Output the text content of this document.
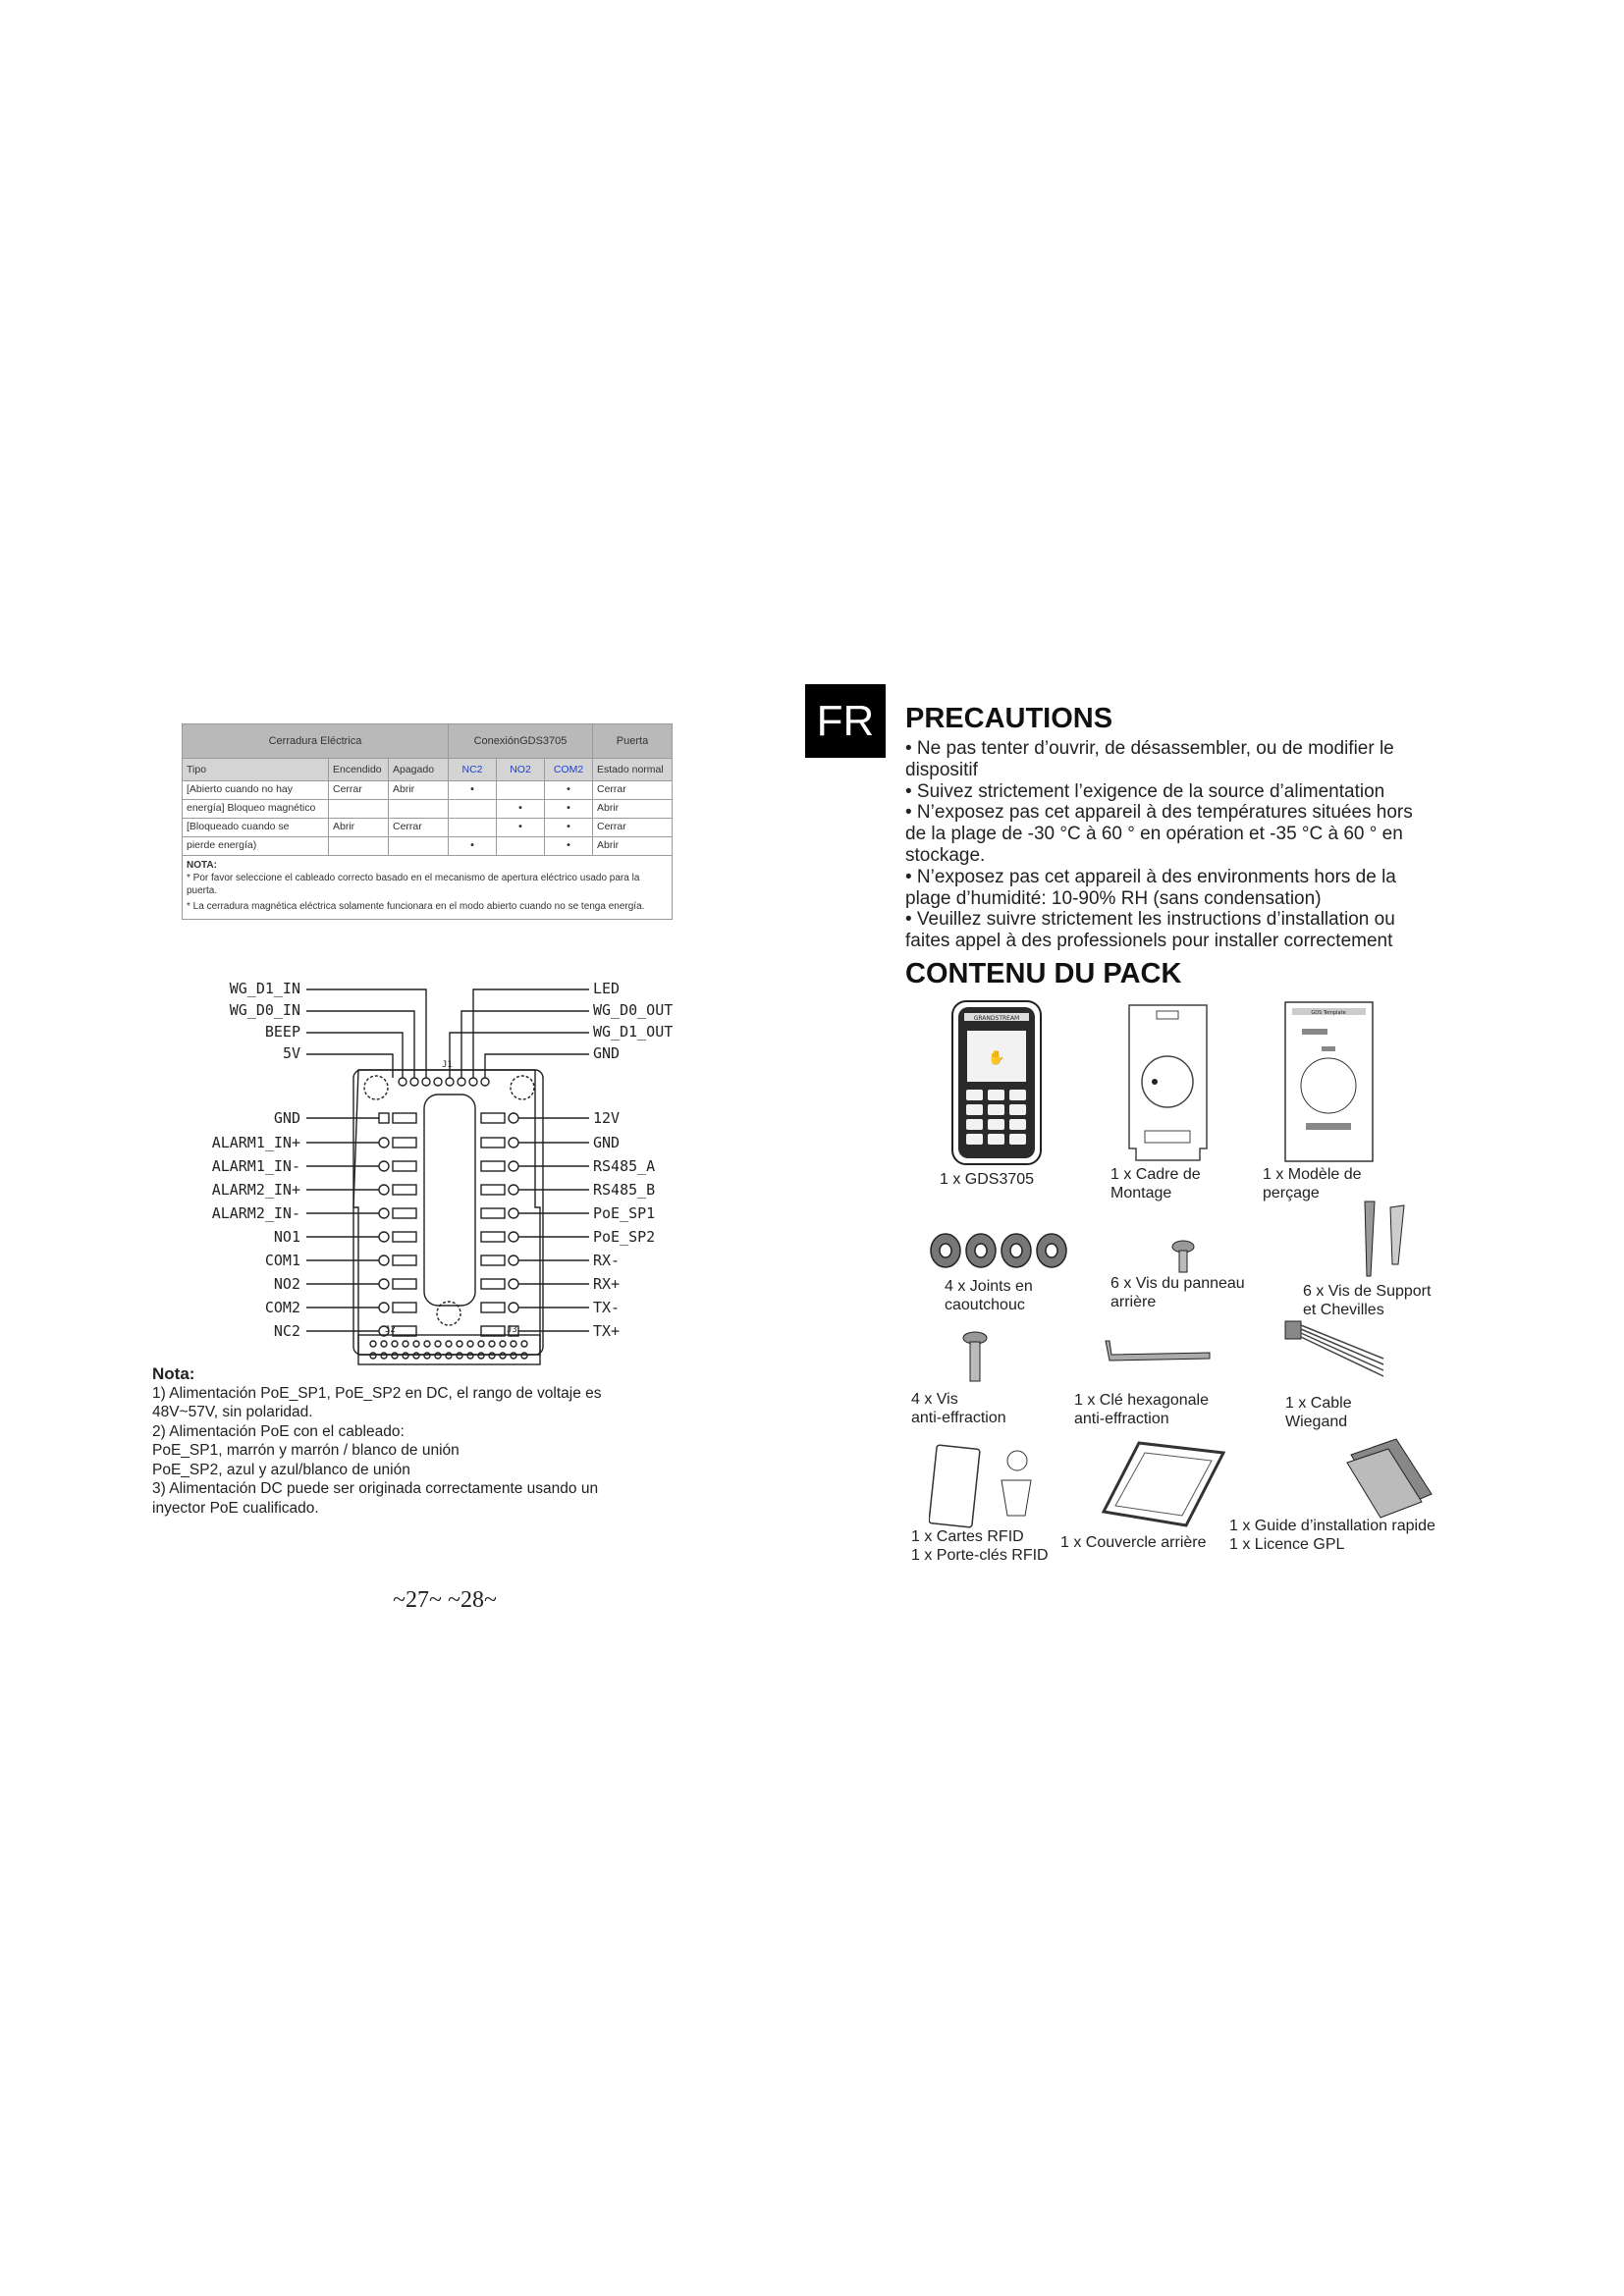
Cerradura Eléctrica			ConexiónGDS3705			Puerta
Tipo	Encendido	Apagado	NC2	NO2	COM2	Estado normal
[Abierto cuando no hay	Cerrar	Abrir	•		•	Cerrar
energía] Bloqueo magnético				•	•	Abrir
[Bloqueado cuando se	Abrir	Cerrar		•	•	Cerrar
pierde energía)			•		•	Abrir

NOTA:
* Por favor seleccione el cableado correcto basado en el mecanismo de apertura eléctrico usado para la puerta.
* La cerradura magnética eléctrica solamente funcionara en el modo abierto cuando no se tenga energía.						
J1
J2	J3
WG_D1_IN
WG_D0_IN
BEEP
5V
LED
WG_D0_OUT
WG_D1_OUT
GND
GND
ALARM1_IN+
ALARM1_IN-
ALARM2_IN+
ALARM2_IN-
NO1
COM1
NO2
COM2
NC2
12V
GND
RS485_A
RS485_B
PoE_SP1
PoE_SP2
RX-
RX+
TX-
TX+
Nota:
1) Alimentación PoE_SP1, PoE_SP2 en DC, el rango de voltaje es
48V~57V, sin polaridad.
2) Alimentación PoE con el cableado:
PoE_SP1, marrón y marrón / blanco de unión
PoE_SP2, azul y azul/blanco de unión
3) Alimentación DC puede ser originada correctamente usando un
inyector PoE cualificado.
~27~ ~28~
FR	PRECAUTIONS
• Ne pas tenter d’ouvrir, de désassembler, ou de modifier le
dispositif
• Suivez strictement l’exigence de la source d’alimentation
• N’exposez pas cet appareil à des températures situées hors
de la plage de -30 °C à 60 ° en opération et -35 °C à 60 ° en
stockage.
• N’exposez pas cet appareil à des environments hors de la
plage d’humidité: 10-90% RH (sans condensation)
• Veuillez suivre strictement les instructions d’installation ou
faites appel à des professionels pour installer correctement
CONTENU DU PACK
GRANDSTREAM
✋
1 x GDS3705	1 x Cadre de
Montage
GDS Template
1 x Modèle de
perçage
4 x Joints en
caoutchouc
6 x Vis du panneau
arrière
6 x Vis de Support
et Chevilles
4 x Vis
anti-effraction
1 x Clé hexagonale
anti-effraction
1 x Cable
Wiegand
1 x Cartes RFID
1 x Porte-clés RFID
1 x Couvercle arrière
1 x Guide d’installation rapide
1 x Licence GPL
